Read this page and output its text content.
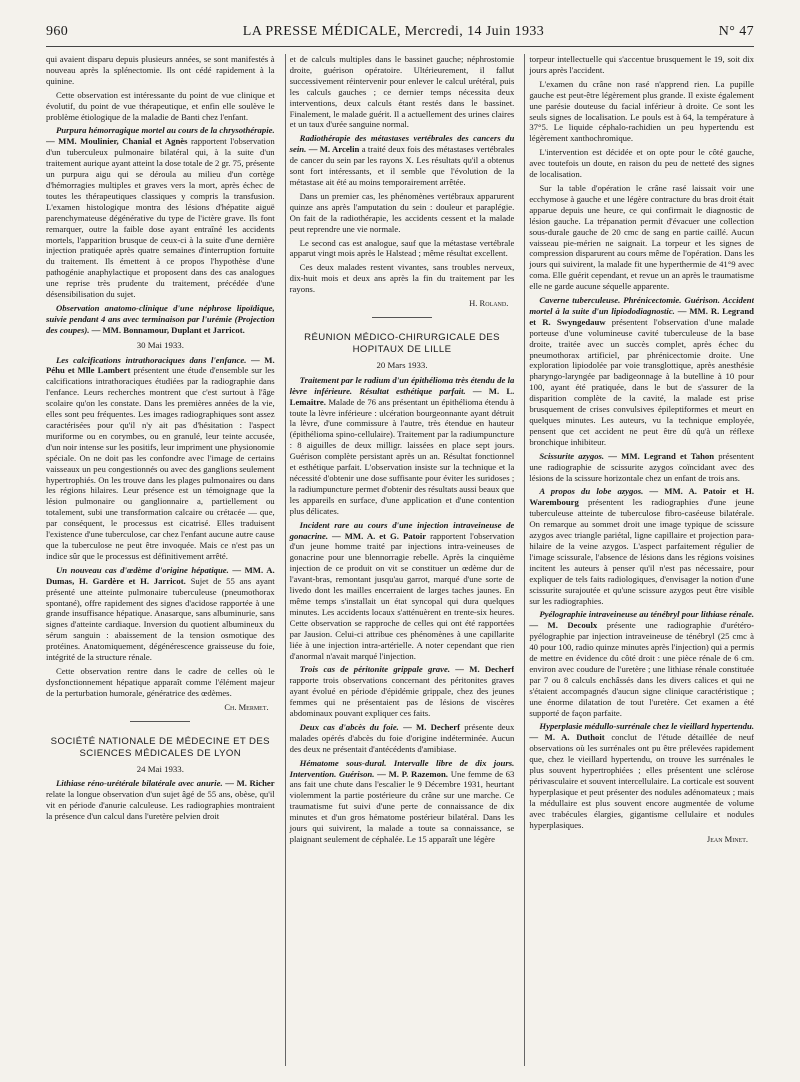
960	LA PRESSE MÉDICALE, Mercredi, 14 Juin 1933	N° 47

qui avaient disparu depuis plusieurs années, se sont manifestés à nouveau après la splénectomie. Ils ont cédé rapidement à la quinine.

Cette observation est intéressante du point de vue clinique et évolutif, du point de vue thérapeutique, et enfin elle soulève le problème étiologique de la maladie de Banti chez l'enfant.

Purpura hémorragique mortel au cours de la chrysothérapie. — MM. Moulinier, Chanial et Agnès rapportent l'observation d'un tuberculeux pulmonaire bilatéral qui, à la suite d'un traitement aurique ayant atteint la dose totale de 2 gr. 75, présente un purpura aigu qui se déroula au milieu d'un cortège d'hémorragies multiples et graves vers la mort, après échec de toutes les thérapeutiques classiques y compris la transfusion. L'examen histologique montra des lésions d'hépatite aiguë parenchymateuse dégénérative du type de l'ictère grave. Ils font remarquer, outre la faible dose ayant entraîné les accidents mortels, l'apparition brusque de ceux-ci à la suite d'une dernière injection pratiquée après quatre semaines d'interruption fortuite du traitement. Ils émettent à ce propos l'hypothèse d'une pathogénie anaphylactique et proposent dans des cas analogues une reprise très prudente du traitement, précédée d'une désensibilisation du sujet.

Observation anatomo-clinique d'une néphrose lipoïdique, suivie pendant 4 ans avec terminaison par l'urémie (Projection des coupes). — MM. Bonnamour, Duplant et Jarricot.

30 Mai 1933.

Les calcifications intrathoraciques dans l'enfance. — M. Péhu et Mlle Lambert présentent une étude d'ensemble sur les calcifications intrathoraciques étudiées par la radiographie dans l'enfance. Leurs recherches montrent que c'est surtout à l'âge scolaire qu'on les constate. Dans les premières années de la vie, elles sont peu fréquentes. Les images radiographiques sont assez caractérisées pour qu'il n'y ait pas d'hésitation : l'aspect muriforme ou en corymbes, ou en granulé, leur teinte accusée, d'un noir intense sur les positifs, leur impriment une physionomie spéciale. On ne doit pas les confondre avec l'image de certains vaisseaux un peu congestionnés ou avec des ganglions seulement hypertrophiés. On les trouve dans les plages pulmonaires ou dans les régions hilaires. Leur présence est un témoignage que la lésion pulmonaire ou ganglionnaire a, partiellement ou totalement, subi une transformation calcaire ou crétacée — que, par conséquent, le processus est cicatrisé. Elles traduisent l'existence d'une tuberculose, car chez l'enfant aucune autre cause que la tuberculose ne peut être invoquée. Mais ce n'est pas un indice sûr que le processus est définitivement arrêté.

Un nouveau cas d'œdème d'origine hépatique. — MM. A. Dumas, H. Gardère et H. Jarricot. Sujet de 55 ans ayant présenté une atteinte pulmonaire tuberculeuse (pneumothorax spontané), offre rapidement des signes d'acidose rapportée à une grande insuffisance hépatique. Anasarque, sans albuminurie, sans signes d'atteinte cardiaque. Inversion du quotient albumineux du sérum sanguin : abaissement de la tension osmotique des protéines. Anatomiquement, dégénérescence graisseuse du foie, intégrité de la structure rénale.

Cette observation rentre dans le cadre de celles où le dysfonctionnement hépatique apparaît comme l'élément majeur de la perturbation humorale, génératrice des œdèmes.

Ch. Mermet.
SOCIÉTÉ NATIONALE DE MÉDECINE ET DES SCIENCES MÉDICALES DE LYON
24 Mai 1933.

Lithiase réno-urétérale bilatérale avec anurie. — M. Richer relate la longue observation d'un sujet âgé de 55 ans, obèse, qu'il vit en période d'anurie calculeuse. Les radiographies montraient la présence d'un calcul dans l'uretère pelvien droit

et de calculs multiples dans le bassinet gauche; néphrostomie droite, guérison opératoire. Ultérieurement, il fallut successivement réintervenir pour enlever le calcul urétéral, puis les calculs gauches ; ce dernier temps nécessita deux interventions, deux calculs étant restés dans le bassinet. Finalement, le malade guérit. Il a actuellement des urines claires et un taux d'urée sanguine normal.

Radiothérapie des métastases vertébrales des cancers du sein. — M. Arcelin a traité deux fois des métastases vertébrales de cancer du sein par les rayons X. Les résultats qu'il a obtenus sont fort intéressants, et il semble que l'évolution de la métastase ait été au moins temporairement arrêtée.

Dans un premier cas, les phénomènes vertébraux apparurent quinze ans après l'amputation du sein : douleur et paraplégie. On fait de la radiothérapie, les accidents cessent et la malade peut reprendre une vie normale.

Le second cas est analogue, sauf que la métastase vertébrale apparut vingt mois après le Halstead ; même résultat excellent.

Ces deux malades restent vivantes, sans troubles nerveux, dix-huit mois et deux ans après la fin du traitement par les rayons.

H. Roland.
RÉUNION MÉDICO-CHIRURGICALE DES HOPITAUX DE LILLE
20 Mars 1933.

Traitement par le radium d'un épithélioma très étendu de la lèvre inférieure. Résultat esthétique parfait. — M. L. Lemaitre. Malade de 76 ans présentant un épithélioma étendu à toute la lèvre inférieure : ulcération bourgeonnante ayant détruit la lèvre, d'une commissure à l'autre, très étendue en hauteur (épithélioma spino-cellulaire). Traitement par la radiumpuncture : 8 aiguilles de deux milligr. laissées en place sept jours. Guérison complète persistant après un an. Résultat fonctionnel et esthétique parfait. L'observation insiste sur la technique et la nécessité d'obtenir une dose suffisante pour éviter les suridoses ; la radiumpuncture permet d'obtenir des résultats aussi beaux que les appareils en surface, d'une application et d'une contention plus délicates.

Incident rare au cours d'une injection intraveineuse de gonacrine. — MM. A. et G. Patoir rapportent l'observation d'un jeune homme traité par injections intra-veineuses de gonacrine pour une blennorragie rebelle. Après la cinquième injection de ce produit on vit se constituer un œdème dur de l'avant-bras, remontant jusqu'au garrot, marqué d'une sorte de livedo dont les mailles encerraient de larges taches jaunes. En même temps s'installait un état syncopal qui dura quelques minutes. Les accidents locaux s'atténuèrent en trente-six heures. Cette observation se rapproche de celles qui ont été rapportées par Jausion. Celui-ci attribue ces phénomènes à une capillarite liée à une injection intra-artérielle. A noter cependant que rien d'anormal n'avait marqué l'injection.

Trois cas de péritonite grippale grave. — M. Decherf rapporte trois observations concernant des péritonites graves ayant évolué en période d'épidémie grippale, chez des jeunes femmes qui ne présentaient pas de lésions de viscères abdominaux pouvant expliquer ces faits.

Deux cas d'abcès du foie. — M. Decherf présente deux malades opérés d'abcès du foie d'origine indéterminée. Aucun des deux ne présentait d'antécédents d'amibiase.

Hématome sous-dural. Intervalle libre de dix jours. Intervention. Guérison. — M. P. Razemon. Une femme de 63 ans fait une chute dans l'escalier le 9 Décembre 1931, heurtant violemment la partie postérieure du crâne sur une marche. Ce traumatisme fut suivi d'une perte de connaissance de dix minutes et d'un gros hématome postérieur bilatéral. Dans les jours qui suivirent, la malade a toute sa connaissance, se plaignant seulement de céphalée. Le 15 apparaît une légère

torpeur intellectuelle qui s'accentue brusquement le 19, soit dix jours après l'accident.

L'examen du crâne non rasé n'apprend rien. La pupille gauche est peut-être légèrement plus grande. Il existe également une parésie douteuse du facial inférieur à droite. Ce sont les seuls signes de localisation. Le pouls est à 64, la température à 37°5. Le liquide céphalo-rachidien un peu hypertendu est légèrement xanthochromique.

L'intervention est décidée et on opte pour le côté gauche, avec toutefois un doute, en raison du peu de netteté des signes de localisation.

Sur la table d'opération le crâne rasé laissait voir une ecchymose à gauche et une légère contracture du bras droit était apparue depuis une heure, ce qui confirmait le diagnostic de lésion gauche. La trépanation permit d'évacuer une collection sous-durale gauche de 20 cmc de sang en partie caillé. Aucun vaisseau pie-mérien ne saignait. La torpeur et les signes de compression disparurent au cours même de l'opération. Dans les jours qui suivirent, la malade fit une hyperthermie de 41°9 avec coma. Elle guérit cependant, et revue un an après le traumatisme elle ne garde aucune séquelle apparente.

Caverne tuberculeuse. Phrénicectomie. Guérison. Accident mortel à la suite d'un lipiododiagnostic. — MM. R. Legrand et R. Swyngedauw présentent l'observation d'une malade porteuse d'une volumineuse cavité tuberculeuse de la base droite, traitée avec un succès complet, après échec du pneumothorax artificiel, par phrénicectomie droite. Une exploration lipiodolée par voie transglottique, après anesthésie pharyngo-laryngée par badigeonnage à la butelline à 10 pour 100, ayant été pratiquée, dans le but de s'assurer de la disparition complète de la cavité, la malade est prise brusquement de crises convulsives épileptiformes et meurt en quelques minutes. Les auteurs, vu la technique employée, pensent que cet accident ne peut être dû qu'à un réflexe bronchique inhibiteur.

Scissurite azygos. — MM. Legrand et Tahon présentent une radiographie de scissurite azygos coïncidant avec des lésions de la scissure horizontale chez un enfant de trois ans.

A propos du lobe azygos. — MM. A. Patoir et H. Warembourg présentent les radiographies d'une jeune tuberculeuse atteinte de tuberculose fibro-caséeuse bilatérale. On remarque au sommet droit une image typique de scissure azygos avec triangle pariétal, ligne capillaire et projection para-hilaire de la veine azygos. L'aspect parfaitement régulier de l'image scissurale, l'absence de lésions dans les régions voisines incitent les auteurs à penser qu'il n'est pas nécessaire, pour expliquer de tels faits radiologiques, d'envisager la notion d'une scissurite surajoutée et qu'une scissure azygos peut être visible sur les radiographies.

Pyélographie intraveineuse au ténébryl pour lithiase rénale. — M. Decoulx présente une radiographie d'urétéro-pyélographie par injection intraveineuse de ténébryl (25 cmc à 40 pour 100, radio quinze minutes après l'injection) qui a permis de mettre en évidence du côté droit : une pièce rénale de 6 cm. environ avec coudure de l'uretère ; une lithiase rénale constituée par 7 ou 8 calculs enchâssés dans les divers calices et qui ne s'étaient accompagnés d'aucun signe clinique caractéristique ; une énorme dilatation de tout l'uretère. Cet examen a été supporté de façon parfaite.

Hyperplasie médullo-surrénale chez le vieillard hypertendu. — M. A. Duthoit conclut de l'étude détaillée de neuf observations où les surrénales ont pu être prélevées rapidement que, chez le vieillard hypertendu, on trouve les surrénales le plus souvent hypertrophiées ; elles présentent une sclérose périvasculaire et souvent intercellulaire. La corticale est souvent hyperplasique et peut présenter des nodules adénomateux ; mais la médullaire est plus souvent encore augmentée de volume avec trabécules élargies, gigantisme cellulaire et nodules hyperplasiques.

Jean Minet.
